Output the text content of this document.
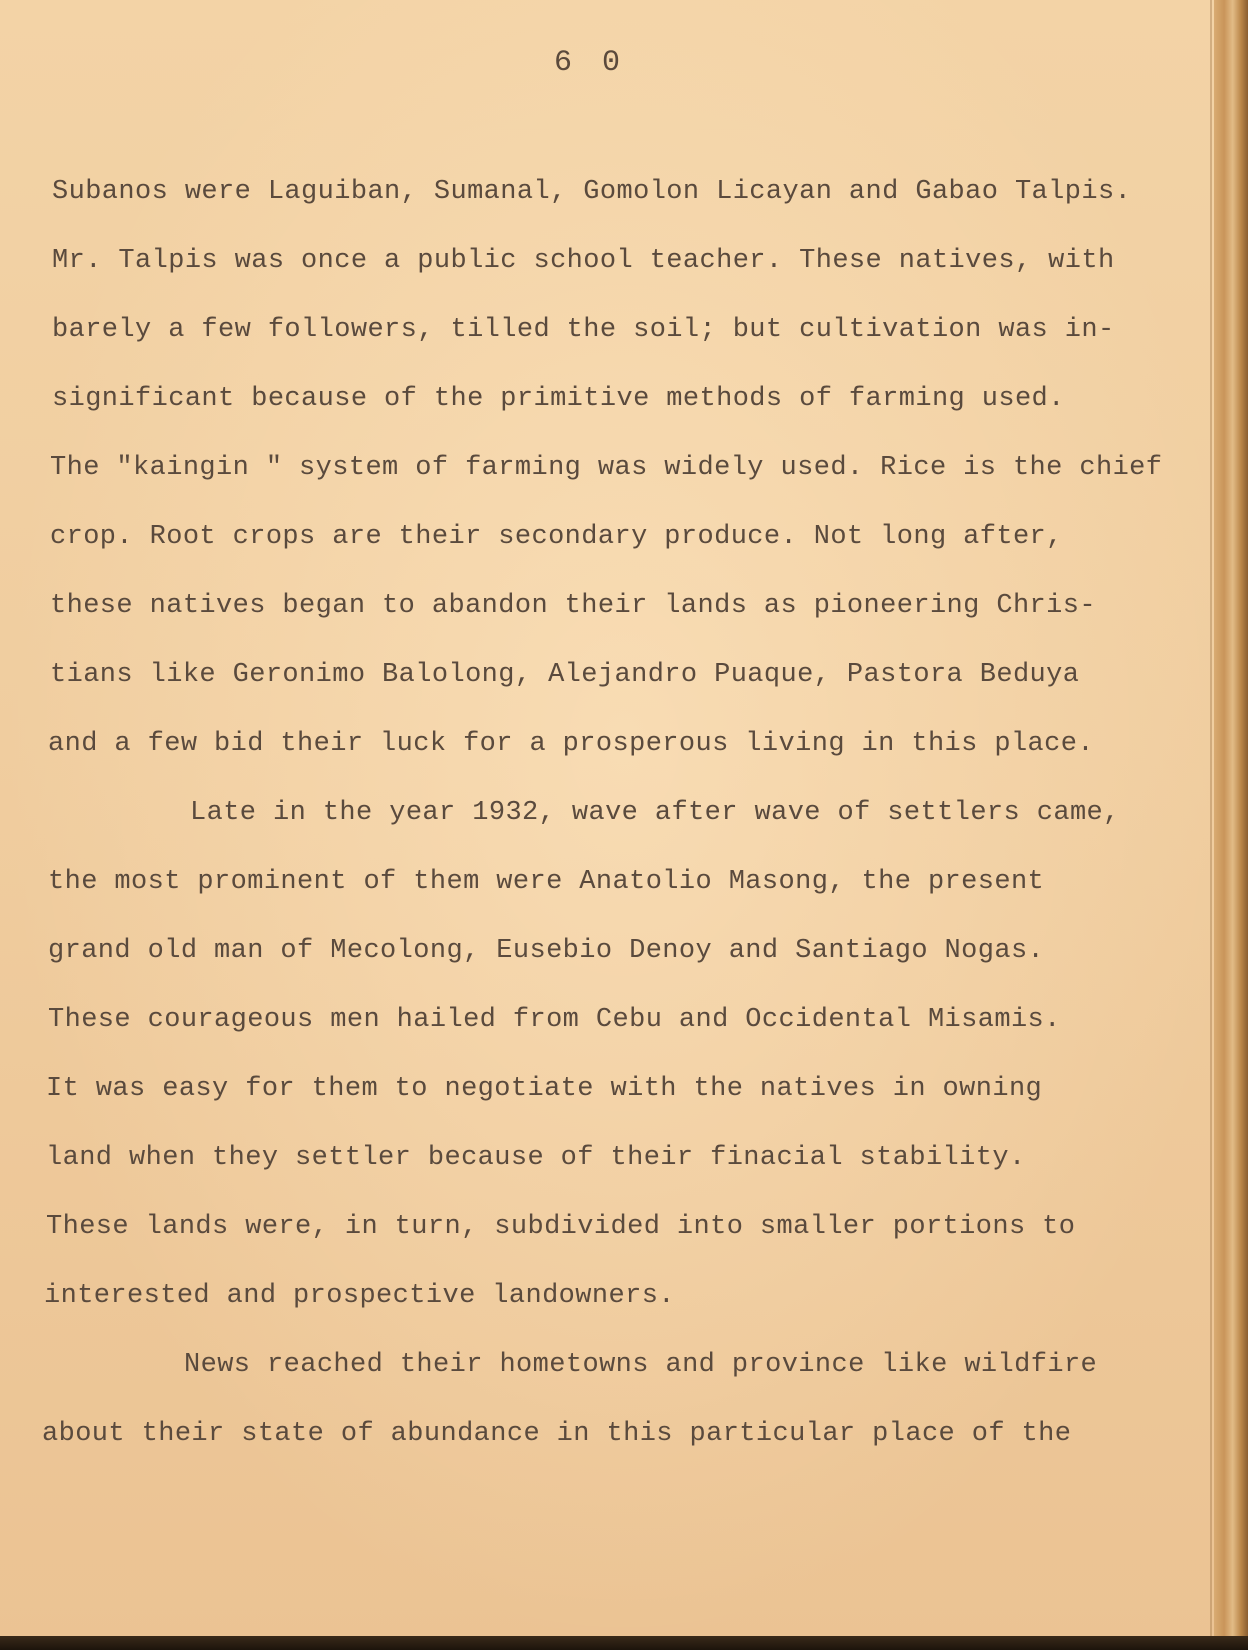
6 0
Subanos were Laguiban, Sumanal, Gomolon Licayan and Gabao Talpis.
Mr. Talpis was once a public school teacher. These natives, with
barely a few followers, tilled the soil; but cultivation was in-
significant because of the primitive methods of farming used.
The "kaingin " system of farming was widely used. Rice is the chief
crop. Root crops are their secondary produce. Not long after,
these natives began to abandon their lands as pioneering Chris-
tians like Geronimo Balolong, Alejandro Puaque, Pastora Beduya
and a few bid their luck for a prosperous living in this place.
Late in the year 1932, wave after wave of settlers came,
the most prominent of them were Anatolio Masong, the present
grand old man of Mecolong, Eusebio Denoy and Santiago Nogas.
These courageous men hailed from Cebu and Occidental Misamis.
It was easy for them to negotiate with the natives in owning
land when they settler because of their finacial stability.
These lands were, in turn, subdivided into smaller portions to
interested and prospective landowners.
News reached their hometowns and province like wildfire
about their state of abundance in this particular place of the
